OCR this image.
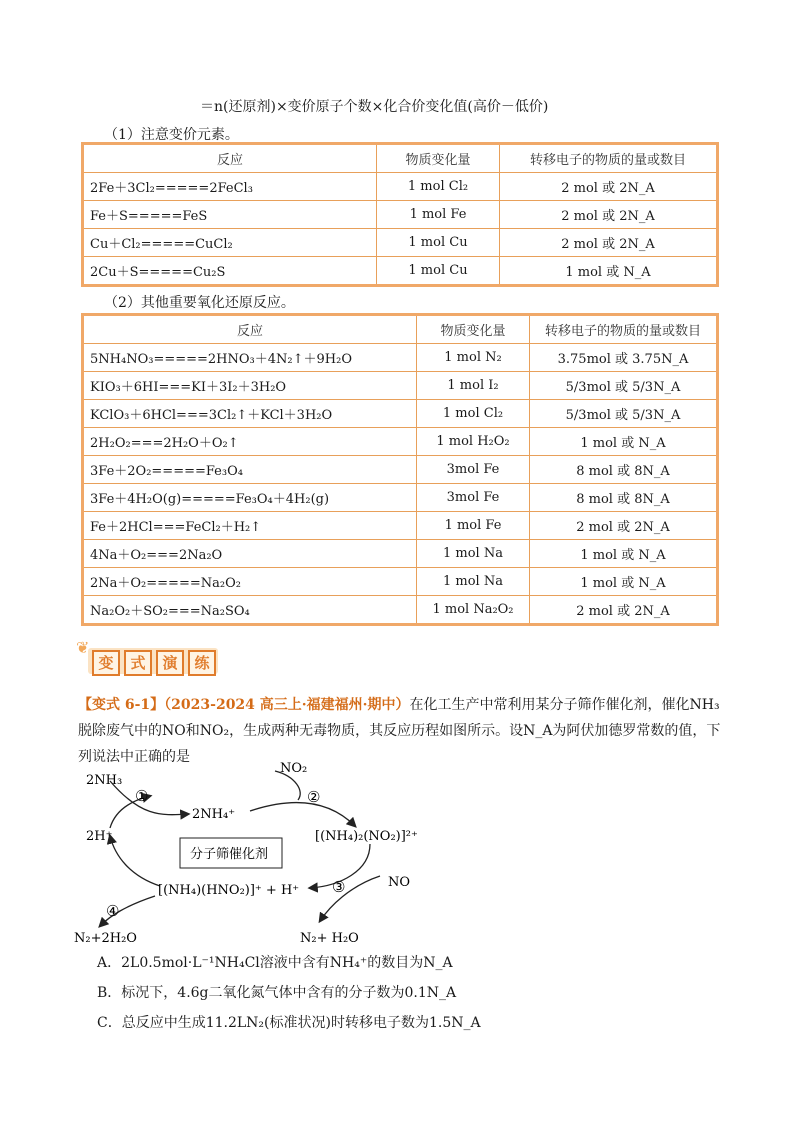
＝n(还原剂)×变价原子个数×化合价变化值(高价－低价)
（1）注意变价元素。
反应	物质变化量	转移电子的物质的量或数目
2Fe＋3Cl₂=====2FeCl₃	1 mol Cl₂	2 mol 或 2N_A
Fe＋S=====FeS	1 mol Fe	2 mol 或 2N_A
Cu＋Cl₂=====CuCl₂	1 mol Cu	2 mol 或 2N_A
2Cu＋S=====Cu₂S	1 mol Cu	1 mol 或 N_A
（2）其他重要氧化还原反应。
反应	物质变化量	转移电子的物质的量或数目
5NH₄NO₃=====2HNO₃＋4N₂↑＋9H₂O	1 mol N₂	3.75mol 或 3.75N_A
KIO₃＋6HI===KI＋3I₂＋3H₂O	1 mol I₂	5/3mol 或 5/3N_A
KClO₃＋6HCl===3Cl₂↑＋KCl＋3H₂O	1 mol Cl₂	5/3mol 或 5/3N_A
2H₂O₂===2H₂O＋O₂↑	1 mol H₂O₂	1 mol 或 N_A
3Fe＋2O₂=====Fe₃O₄	3mol Fe	8 mol 或 8N_A
3Fe＋4H₂O(g)=====Fe₃O₄＋4H₂(g)	3mol Fe	8 mol 或 8N_A
Fe＋2HCl===FeCl₂＋H₂↑	1 mol Fe	2 mol 或 2N_A
4Na＋O₂===2Na₂O	1 mol Na	1 mol 或 N_A
2Na＋O₂=====Na₂O₂	1 mol Na	1 mol 或 N_A
Na₂O₂＋SO₂===Na₂SO₄	1 mol Na₂O₂	2 mol 或 2N_A
❦
变	式	演	练
【变式 6-1】（2023-2024 高三上·福建福州·期中）在化工生产中常利用某分子筛作催化剂，催化NH₃脱除废气中的NO和NO₂，生成两种无毒物质，其反应历程如图所示。设N_A为阿伏加德罗常数的值，下列说法中正确的是
分子筛催化剂
2NH₃
2NH₄⁺
NO₂
[(NH₄)₂(NO₂)]²⁺
NO
[(NH₄)(HNO₂)]⁺ + H⁺
2H⁺
N₂+2H₂O	N₂+ H₂O
①	②
③
④
A．2L0.5mol·L⁻¹NH₄Cl溶液中含有NH₄⁺的数目为N_A
B．标况下，4.6g二氧化氮气体中含有的分子数为0.1N_A
C．总反应中生成11.2LN₂(标准状况)时转移电子数为1.5N_A
